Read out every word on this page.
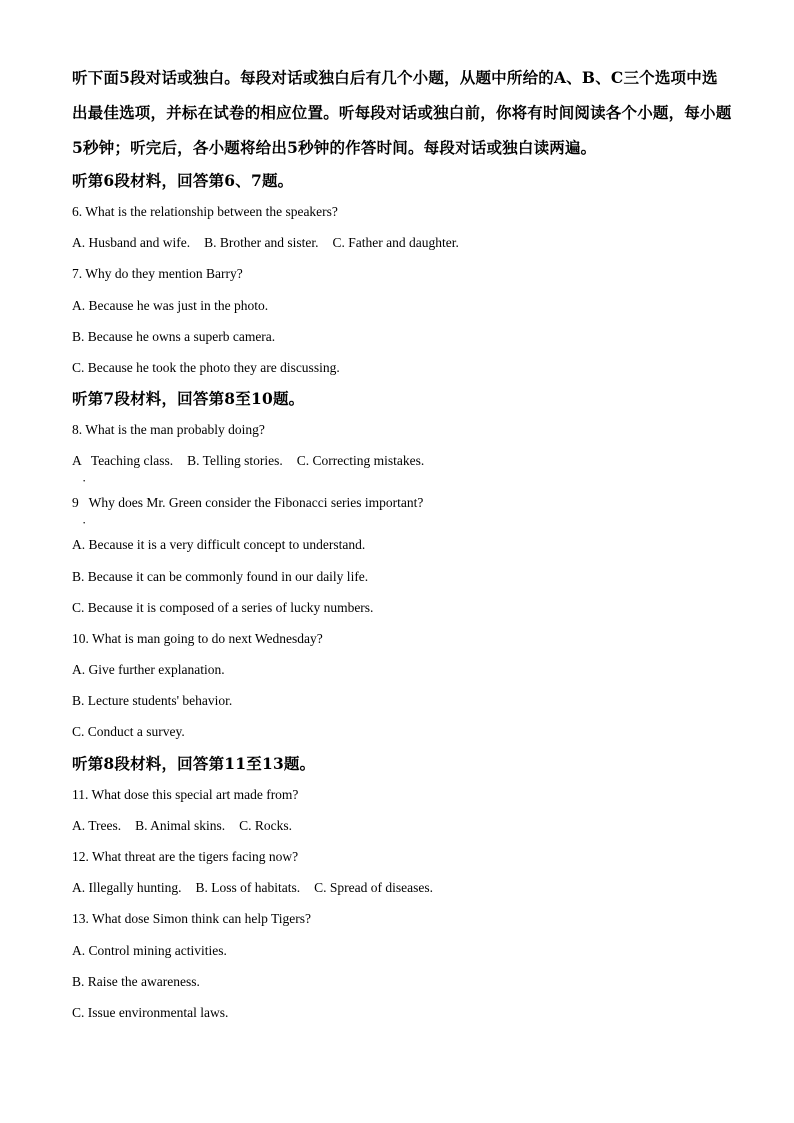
听下面5段对话或独白。每段对话或独白后有几个小题，从题中所给的A、B、C三个选项中选出最佳选项，并标在试卷的相应位置。听每段对话或独白前，你将有时间阅读各个小题，每小题5秒钟；听完后，各小题将给出5秒钟的作答时间。每段对话或独白读两遍。

听第6段材料，回答第6、7题。

6. What is the relationship between the speakers?

A. Husband and wife. B. Brother and sister. C. Father and daughter.

7. Why do they mention Barry?

A. Because he was just in the photo.

B. Because he owns a superb camera.

C. Because he took the photo they are discussing.

听第7段材料，回答第8至10题。

8. What is the man probably doing?

A   Teaching class. · B. Telling stories. C. Correcting mistakes.

9   Why does Mr. Green consider the Fibonacci series important? ·

A. Because it is a very difficult concept to understand.

B. Because it can be commonly found in our daily life.

C. Because it is composed of a series of lucky numbers.

10. What is man going to do next Wednesday?

A. Give further explanation.

B. Lecture students' behavior.

C. Conduct a survey.

听第8段材料，回答第11至13题。

11. What dose this special art made from?

A. Trees. B. Animal skins. C. Rocks.

12. What threat are the tigers facing now?

A. Illegally hunting. B. Loss of habitats. C. Spread of diseases.

13. What dose Simon think can help Tigers?

A. Control mining activities.

B. Raise the awareness.

C. Issue environmental laws.
